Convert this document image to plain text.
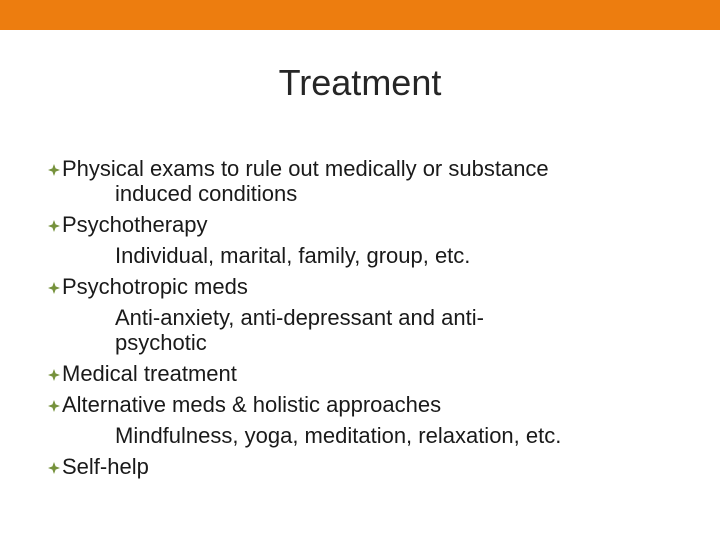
Treatment
Physical exams to rule out medically or substance
induced conditions
Psychotherapy
Individual, marital, family, group, etc.
Psychotropic meds
Anti-anxiety, anti-depressant and anti-
psychotic
Medical treatment
Alternative meds & holistic approaches
Mindfulness, yoga, meditation, relaxation, etc.
Self-help
